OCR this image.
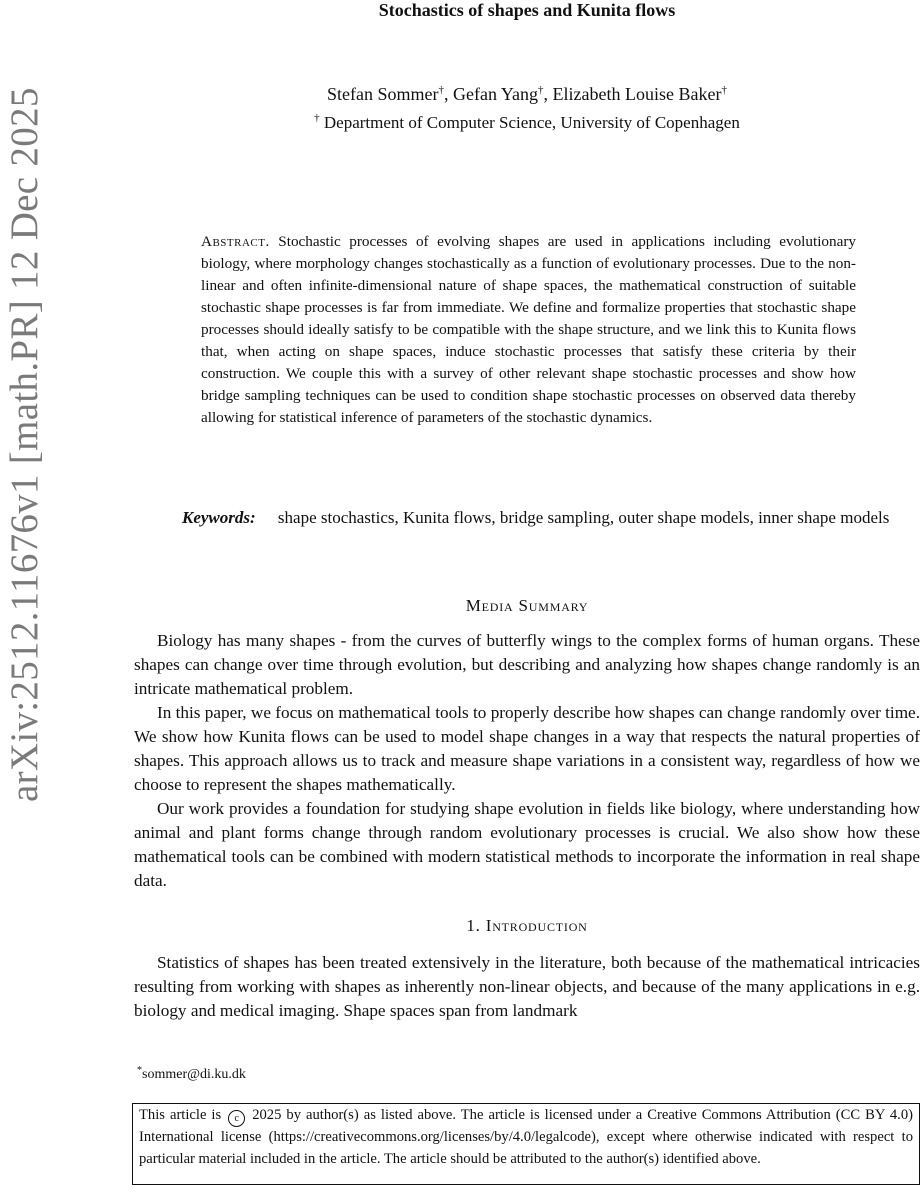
arXiv:2512.11676v1 [math.PR] 12 Dec 2025
Stochastics of shapes and Kunita flows
Stefan Sommer†, Gefan Yang†, Elizabeth Louise Baker†
† Department of Computer Science, University of Copenhagen

Abstract. Stochastic processes of evolving shapes are used in applications including evolutionary biology, where morphology changes stochastically as a function of evolutionary processes. Due to the non-linear and often infinite-dimensional nature of shape spaces, the mathematical construction of suitable stochastic shape processes is far from immediate. We define and formalize properties that stochastic shape processes should ideally satisfy to be compatible with the shape structure, and we link this to Kunita flows that, when acting on shape spaces, induce stochastic processes that satisfy these criteria by their construction. We couple this with a survey of other relevant shape stochastic processes and show how bridge sampling techniques can be used to condition shape stochastic processes on observed data thereby allowing for statistical inference of parameters of the stochastic dynamics.

Keywords: shape stochastics, Kunita flows, bridge sampling, outer shape models, inner shape models

Media Summary

Biology has many shapes - from the curves of butterfly wings to the complex forms of human organs. These shapes can change over time through evolution, but describing and analyzing how shapes change randomly is an intricate mathematical problem.

In this paper, we focus on mathematical tools to properly describe how shapes can change randomly over time. We show how Kunita flows can be used to model shape changes in a way that respects the natural properties of shapes. This approach allows us to track and measure shape variations in a consistent way, regardless of how we choose to represent the shapes mathematically.

Our work provides a foundation for studying shape evolution in fields like biology, where understanding how animal and plant forms change through random evolutionary processes is crucial. We also show how these mathematical tools can be combined with modern statistical methods to incorporate the information in real shape data.

1. Introduction

Statistics of shapes has been treated extensively in the literature, both because of the mathematical intricacies resulting from working with shapes as inherently non-linear objects, and because of the many applications in e.g. biology and medical imaging. Shape spaces span from landmark

*sommer@di.ku.dk

This article is c 2025 by author(s) as listed above. The article is licensed under a Creative Commons Attribution (CC BY 4.0) International license (https://creativecommons.org/licenses/by/4.0/legalcode), except where otherwise indicated with respect to particular material included in the article. The article should be attributed to the author(s) identified above.
